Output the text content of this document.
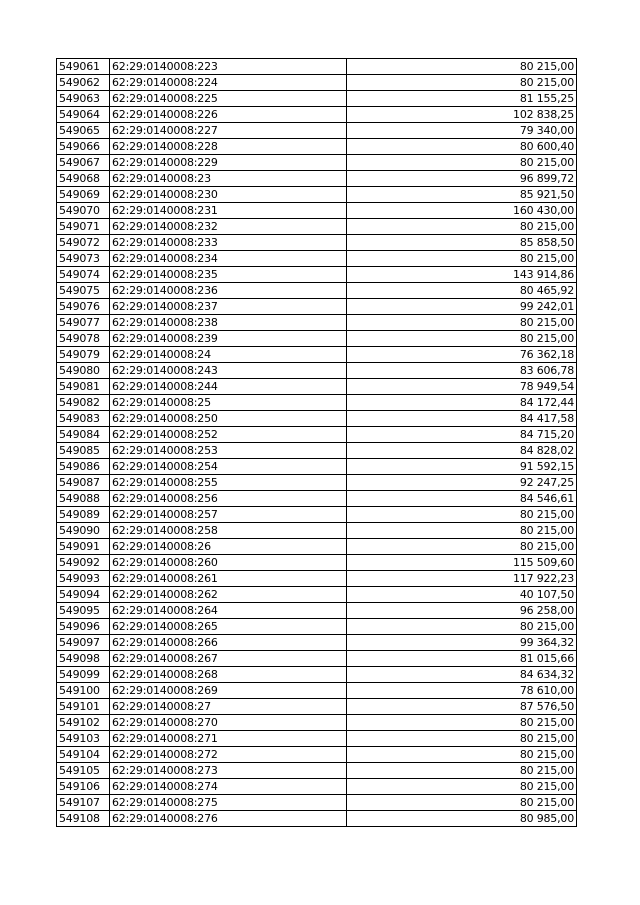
549061	62:29:0140008:223	80 215,00
549062	62:29:0140008:224	80 215,00
549063	62:29:0140008:225	81 155,25
549064	62:29:0140008:226	102 838,25
549065	62:29:0140008:227	79 340,00
549066	62:29:0140008:228	80 600,40
549067	62:29:0140008:229	80 215,00
549068	62:29:0140008:23	96 899,72
549069	62:29:0140008:230	85 921,50
549070	62:29:0140008:231	160 430,00
549071	62:29:0140008:232	80 215,00
549072	62:29:0140008:233	85 858,50
549073	62:29:0140008:234	80 215,00
549074	62:29:0140008:235	143 914,86
549075	62:29:0140008:236	80 465,92
549076	62:29:0140008:237	99 242,01
549077	62:29:0140008:238	80 215,00
549078	62:29:0140008:239	80 215,00
549079	62:29:0140008:24	76 362,18
549080	62:29:0140008:243	83 606,78
549081	62:29:0140008:244	78 949,54
549082	62:29:0140008:25	84 172,44
549083	62:29:0140008:250	84 417,58
549084	62:29:0140008:252	84 715,20
549085	62:29:0140008:253	84 828,02
549086	62:29:0140008:254	91 592,15
549087	62:29:0140008:255	92 247,25
549088	62:29:0140008:256	84 546,61
549089	62:29:0140008:257	80 215,00
549090	62:29:0140008:258	80 215,00
549091	62:29:0140008:26	80 215,00
549092	62:29:0140008:260	115 509,60
549093	62:29:0140008:261	117 922,23
549094	62:29:0140008:262	40 107,50
549095	62:29:0140008:264	96 258,00
549096	62:29:0140008:265	80 215,00
549097	62:29:0140008:266	99 364,32
549098	62:29:0140008:267	81 015,66
549099	62:29:0140008:268	84 634,32
549100	62:29:0140008:269	78 610,00
549101	62:29:0140008:27	87 576,50
549102	62:29:0140008:270	80 215,00
549103	62:29:0140008:271	80 215,00
549104	62:29:0140008:272	80 215,00
549105	62:29:0140008:273	80 215,00
549106	62:29:0140008:274	80 215,00
549107	62:29:0140008:275	80 215,00
549108	62:29:0140008:276	80 985,00
